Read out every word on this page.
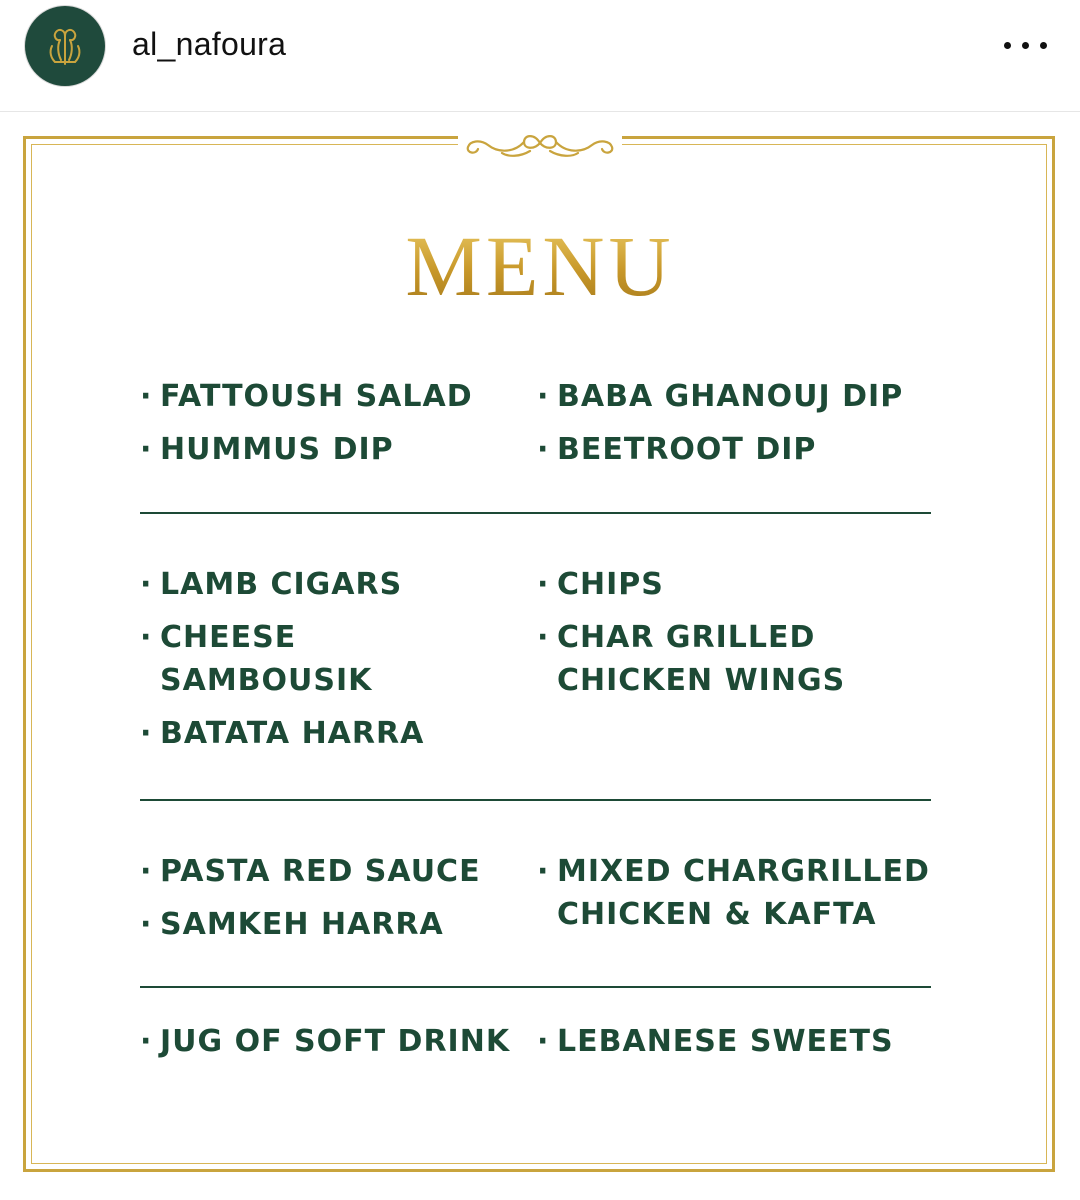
al_nafoura
MENU
· FATTOUSH SALAD
· HUMMUS DIP
· BABA GHANOUJ DIP
· BEETROOT DIP
· LAMB CIGARS
· CHEESE
SAMBOUSIK
· BATATA HARRA
· CHIPS
· CHAR GRILLED
CHICKEN WINGS
· PASTA RED SAUCE
· SAMKEH HARRA
· MIXED CHARGRILLED
CHICKEN & KAFTA
· JUG OF SOFT DRINK · LEBANESE SWEETS
